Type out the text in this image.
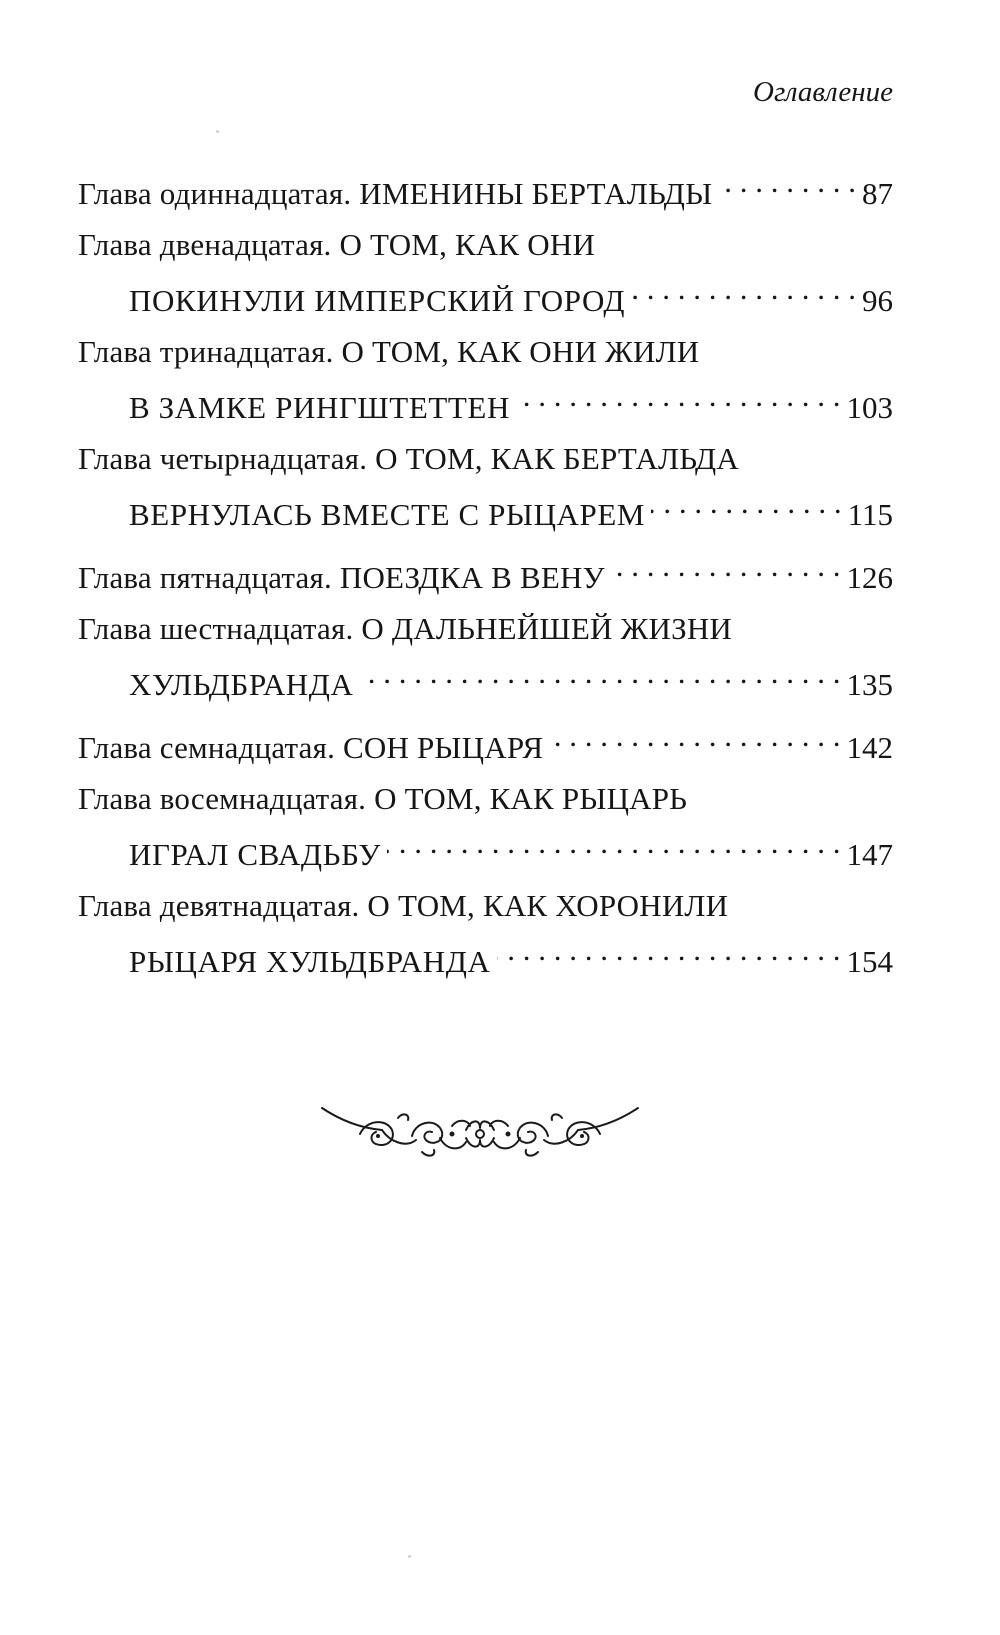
Оглавление
Глава одиннадцатая. ИМЕНИНЫ БЕРТАЛЬДЫ . . .	87
Глава двенадцатая. О ТОМ, КАК ОНИ
ПОКИНУЛИ ИМПЕРСКИЙ ГОРОД . . .	96
Глава тринадцатая. О ТОМ, КАК ОНИ ЖИЛИ
В ЗАМКЕ РИНГШТЕТТЕН . . .	103
Глава четырнадцатая. О ТОМ, КАК БЕРТАЛЬДА
ВЕРНУЛАСЬ ВМЕСТЕ С РЫЦАРЕМ . . .	115
Глава пятнадцатая. ПОЕЗДКА В ВЕНУ . . .	126
Глава шестнадцатая. О ДАЛЬНЕЙШЕЙ ЖИЗНИ
ХУЛЬДБРАНДА . . .	135
Глава семнадцатая. СОН РЫЦАРЯ . . .	142
Глава восемнадцатая. О ТОМ, КАК РЫЦАРЬ
ИГРАЛ СВАДЬБУ . . .	147
Глава девятнадцатая. О ТОМ, КАК ХОРОНИЛИ
РЫЦАРЯ ХУЛЬДБРАНДА . . .	154
